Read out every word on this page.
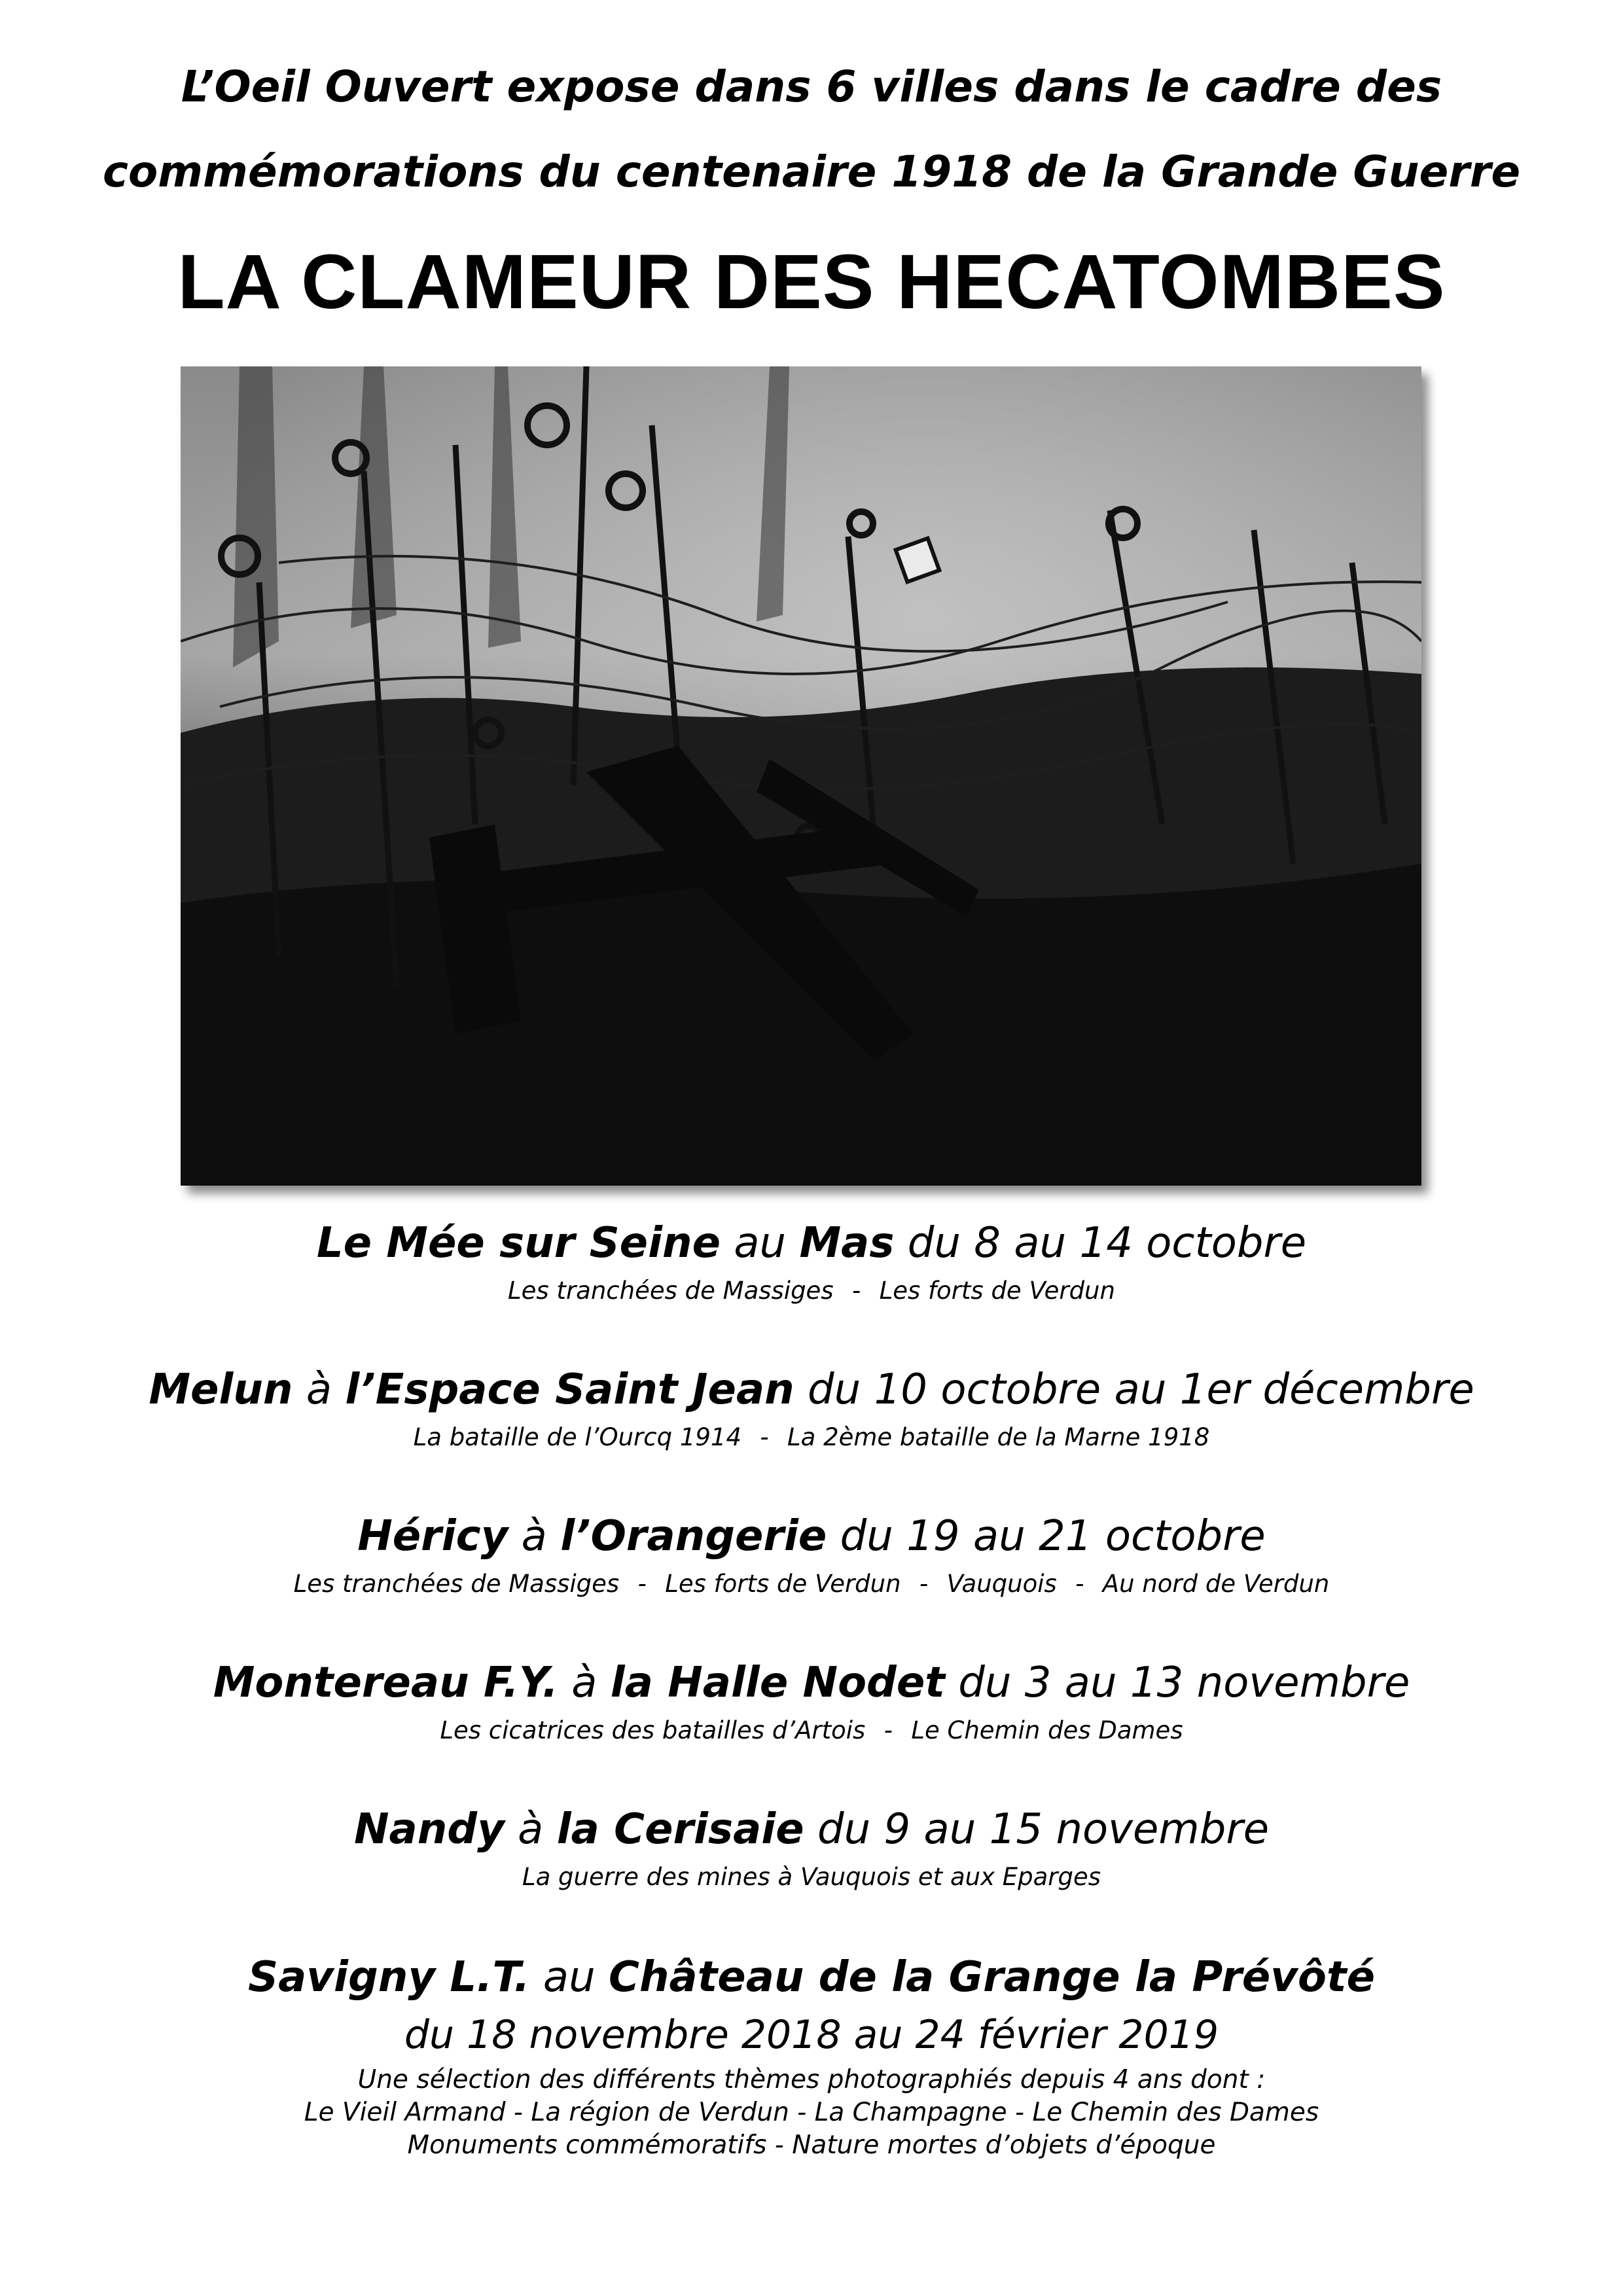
L’Oeil Ouvert expose dans 6 villes dans le cadre des
commémorations du centenaire 1918 de la Grande Guerre
LA CLAMEUR DES HECATOMBES
Le Mée sur Seine au Mas du 8 au 14 octobre
Les tranchées de Massiges - Les forts de Verdun
Melun à l’Espace Saint Jean du 10 octobre au 1er décembre
La bataille de l’Ourcq 1914 - La 2ème bataille de la Marne 1918
Héricy à l’Orangerie du 19 au 21 octobre
Les tranchées de Massiges - Les forts de Verdun - Vauquois - Au nord de Verdun
Montereau F.Y. à la Halle Nodet du 3 au 13 novembre
Les cicatrices des batailles d’Artois - Le Chemin des Dames
Nandy à la Cerisaie du 9 au 15 novembre
La guerre des mines à Vauquois et aux Eparges
Savigny L.T. au Château de la Grange la Prévôté
du 18 novembre 2018 au 24 février 2019
Une sélection des différents thèmes photographiés depuis 4 ans dont :
Le Vieil Armand - La région de Verdun - La Champagne - Le Chemin des Dames
Monuments commémoratifs - Nature mortes d’objets d’époque
